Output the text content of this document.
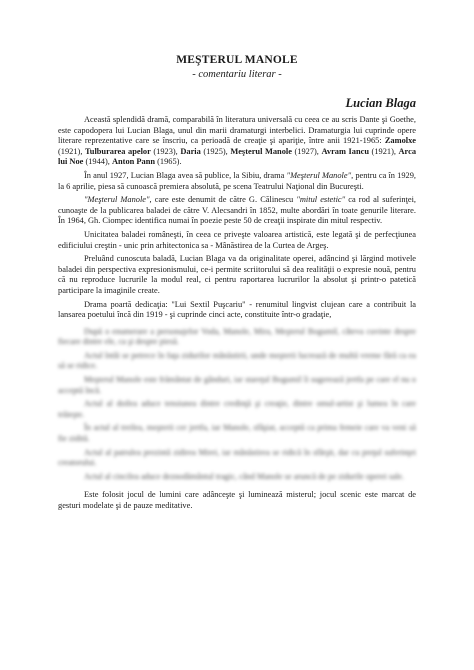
MEŞTERUL MANOLE
- comentariu literar -
Lucian Blaga

Această splendidă dramă, comparabilă în literatura universală cu ceea ce au scris Dante şi Goethe, este capodopera lui Lucian Blaga, unul din marii dramaturgi interbelici. Dramaturgia lui cuprinde opere literare reprezentative care se înscriu, ca perioadă de creaţie şi apariţie, între anii 1921-1965: Zamolxe (1921), Tulburarea apelor (1923), Daria (1925), Meşterul Manole (1927), Avram Iancu (1921), Arca lui Noe (1944), Anton Pann (1965).

În anul 1927, Lucian Blaga avea să publice, la Sibiu, drama "Meşterul Manole", pentru ca în 1929, la 6 aprilie, piesa să cunoască premiera absolută, pe scena Teatrului Naţional din Bucureşti.

"Meşterul Manole", care este denumit de către G. Călinescu "mitul estetic" ca rod al suferinţei, cunoaşte de la publicarea baladei de către V. Alecsandri în 1852, multe abordări în toate genurile literare. În 1964, Gh. Ciompec identifica numai în poezie peste 50 de creaţii inspirate din mitul respectiv.

Unicitatea baladei româneşti, în ceea ce priveşte valoarea artistică, este legată şi de perfecţiunea edificiului creştin - unic prin arhitectonica sa - Mânăstirea de la Curtea de Argeş.

Preluând cunoscuta baladă, Lucian Blaga va da originalitate operei, adâncind şi lărgind motivele baladei din perspectiva expresionismului, ce-i permite scriitorului să dea realităţii o expresie nouă, pentru că nu reproduce lucrurile la modul real, ci pentru raportarea lucrurilor la absolut şi printr-o patetică participare la imaginile create.

Drama poartă dedicaţia: "Lui Sextil Puşcariu" - renumitul lingvist clujean care a contribuit la lansarea poetului încă din 1919 - şi cuprinde cinci acte, constituite într-o gradaţie,

După o enumerare a personajelor Voda, Manole, Mira, Meşterul Bogumil, câteva cuvinte despre fiecare dintre ele, ca şi despre piesă.

Actul întâi se petrece în faţa zidurilor mânăstirii, unde meşterii lucrează de multă vreme fără ca ea să se ridice.

Meşterul Manole este frământat de gânduri, iar stareţul Bogumil îi sugerează jertfa pe care el nu o acceptă încă.

Actul al doilea aduce tensiunea dintre credinţă şi creaţie, dintre omul-artist şi lumea în care trăieşte.

În actul al treilea, meşterii cer jertfa, iar Manole, sfâşiat, acceptă ca prima femeie care va veni să fie zidită.

Actul al patrulea prezintă zidirea Mirei, iar mânăstirea se ridică în sfârşit, dar cu preţul suferinţei creatorului.

Actul al cincilea aduce deznodământul tragic, când Manole se aruncă de pe zidurile operei sale.

Este folosit jocul de lumini care adânceşte şi luminează misterul; jocul scenic este marcat de gesturi modelate şi de pauze meditative.
